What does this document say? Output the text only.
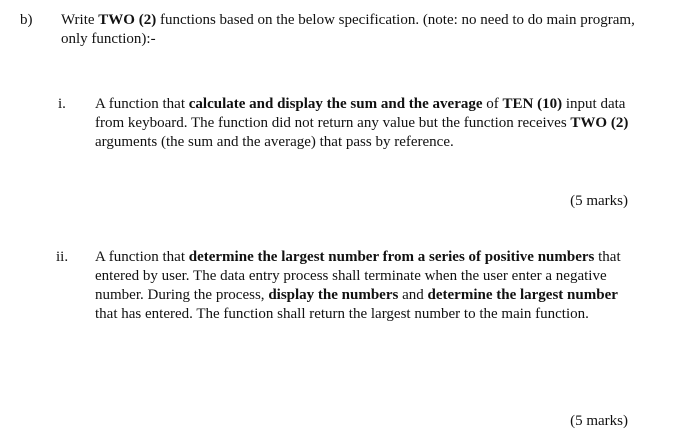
b) Write TWO (2) functions based on the below specification. (note: no need to do main program, only function):-
i. A function that calculate and display the sum and the average of TEN (10) input data from keyboard. The function did not return any value but the function receives TWO (2) arguments (the sum and the average) that pass by reference.
(5 marks)
ii. A function that determine the largest number from a series of positive numbers that entered by user. The data entry process shall terminate when the user enter a negative number. During the process, display the numbers and determine the largest number that has entered. The function shall return the largest number to the main function.
(5 marks)
